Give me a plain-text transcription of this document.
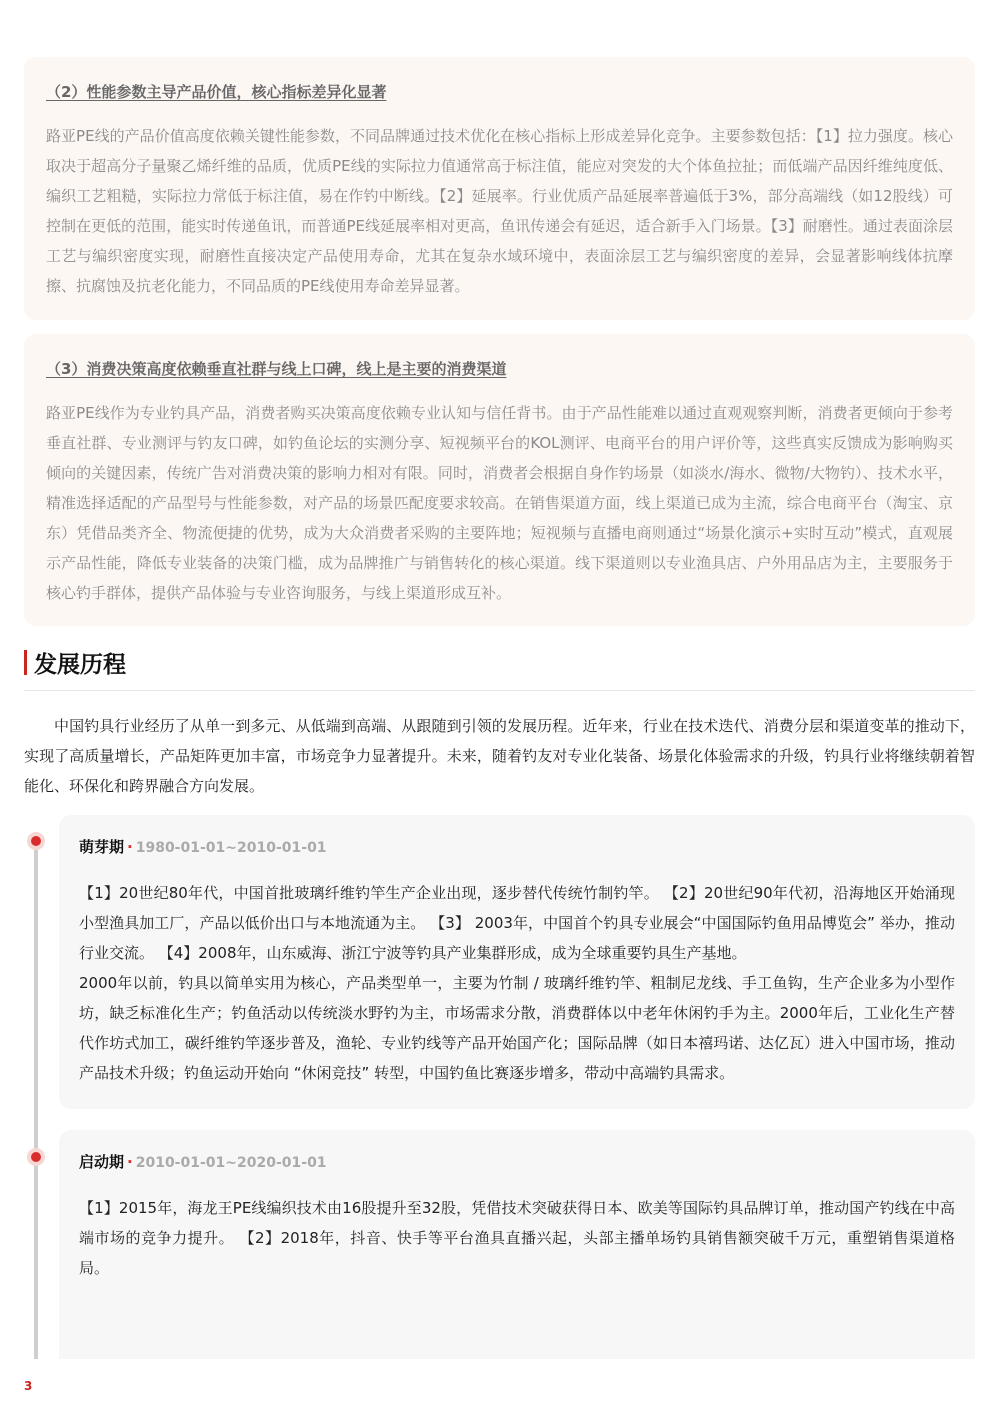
（2）性能参数主导产品价值，核心指标差异化显著

路亚PE线的产品价值高度依赖关键性能参数，不同品牌通过技术优化在核心指标上形成差异化竞争。主要参数包括：【1】拉力强度。核心取决于超高分子量聚乙烯纤维的品质，优质PE线的实际拉力值通常高于标注值，能应对突发的大个体鱼拉扯；而低端产品因纤维纯度低、编织工艺粗糙，实际拉力常低于标注值，易在作钓中断线。【2】延展率。行业优质产品延展率普遍低于3%，部分高端线（如12股线）可控制在更低的范围，能实时传递鱼讯，而普通PE线延展率相对更高，鱼讯传递会有延迟，适合新手入门场景。【3】耐磨性。通过表面涂层工艺与编织密度实现，耐磨性直接决定产品使用寿命，尤其在复杂水域环境中，表面涂层工艺与编织密度的差异，会显著影响线体抗摩擦、抗腐蚀及抗老化能力，不同品质的PE线使用寿命差异显著。

（3）消费决策高度依赖垂直社群与线上口碑，线上是主要的消费渠道

路亚PE线作为专业钓具产品，消费者购买决策高度依赖专业认知与信任背书。由于产品性能难以通过直观观察判断，消费者更倾向于参考垂直社群、专业测评与钓友口碑，如钓鱼论坛的实测分享、短视频平台的KOL测评、电商平台的用户评价等，这些真实反馈成为影响购买倾向的关键因素，传统广告对消费决策的影响力相对有限。同时，消费者会根据自身作钓场景（如淡水/海水、微物/大物钓）、技术水平，精准选择适配的产品型号与性能参数，对产品的场景匹配度要求较高。在销售渠道方面，线上渠道已成为主流，综合电商平台（淘宝、京东）凭借品类齐全、物流便捷的优势，成为大众消费者采购的主要阵地；短视频与直播电商则通过“场景化演示+实时互动”模式，直观展示产品性能，降低专业装备的决策门槛，成为品牌推广与销售转化的核心渠道。线下渠道则以专业渔具店、户外用品店为主，主要服务于核心钓手群体，提供产品体验与专业咨询服务，与线上渠道形成互补。

发展历程

中国钓具行业经历了从单一到多元、从低端到高端、从跟随到引领的发展历程。近年来，行业在技术迭代、消费分层和渠道变革的推动下，实现了高质量增长，产品矩阵更加丰富，市场竞争力显著提升。未来，随着钓友对专业化装备、场景化体验需求的升级，钓具行业将继续朝着智能化、环保化和跨界融合方向发展。

萌芽期 · 1980-01-01~2010-01-01

【1】20世纪80年代，中国首批玻璃纤维钓竿生产企业出现，逐步替代传统竹制钓竿。 【2】20世纪90年代初，沿海地区开始涌现小型渔具加工厂，产品以低价出口与本地流通为主。 【3】 2003年，中国首个钓具专业展会“中国国际钓鱼用品博览会” 举办，推动行业交流。 【4】2008年，山东威海、浙江宁波等钓具产业集群形成，成为全球重要钓具生产基地。

2000年以前，钓具以简单实用为核心，产品类型单一，主要为竹制 / 玻璃纤维钓竿、粗制尼龙线、手工鱼钩，生产企业多为小型作坊，缺乏标准化生产；钓鱼活动以传统淡水野钓为主，市场需求分散，消费群体以中老年休闲钓手为主。2000年后，工业化生产替代作坊式加工，碳纤维钓竿逐步普及，渔轮、专业钓线等产品开始国产化；国际品牌（如日本禧玛诺、达亿瓦）进入中国市场，推动产品技术升级；钓鱼运动开始向 “休闲竞技” 转型，中国钓鱼比赛逐步增多，带动中高端钓具需求。

启动期 · 2010-01-01~2020-01-01

【1】2015年，海龙王PE线编织技术由16股提升至32股，凭借技术突破获得日本、欧美等国际钓具品牌订单，推动国产钓线在中高端市场的竞争力提升。 【2】2018年，抖音、快手等平台渔具直播兴起，头部主播单场钓具销售额突破千万元，重塑销售渠道格局。

3
